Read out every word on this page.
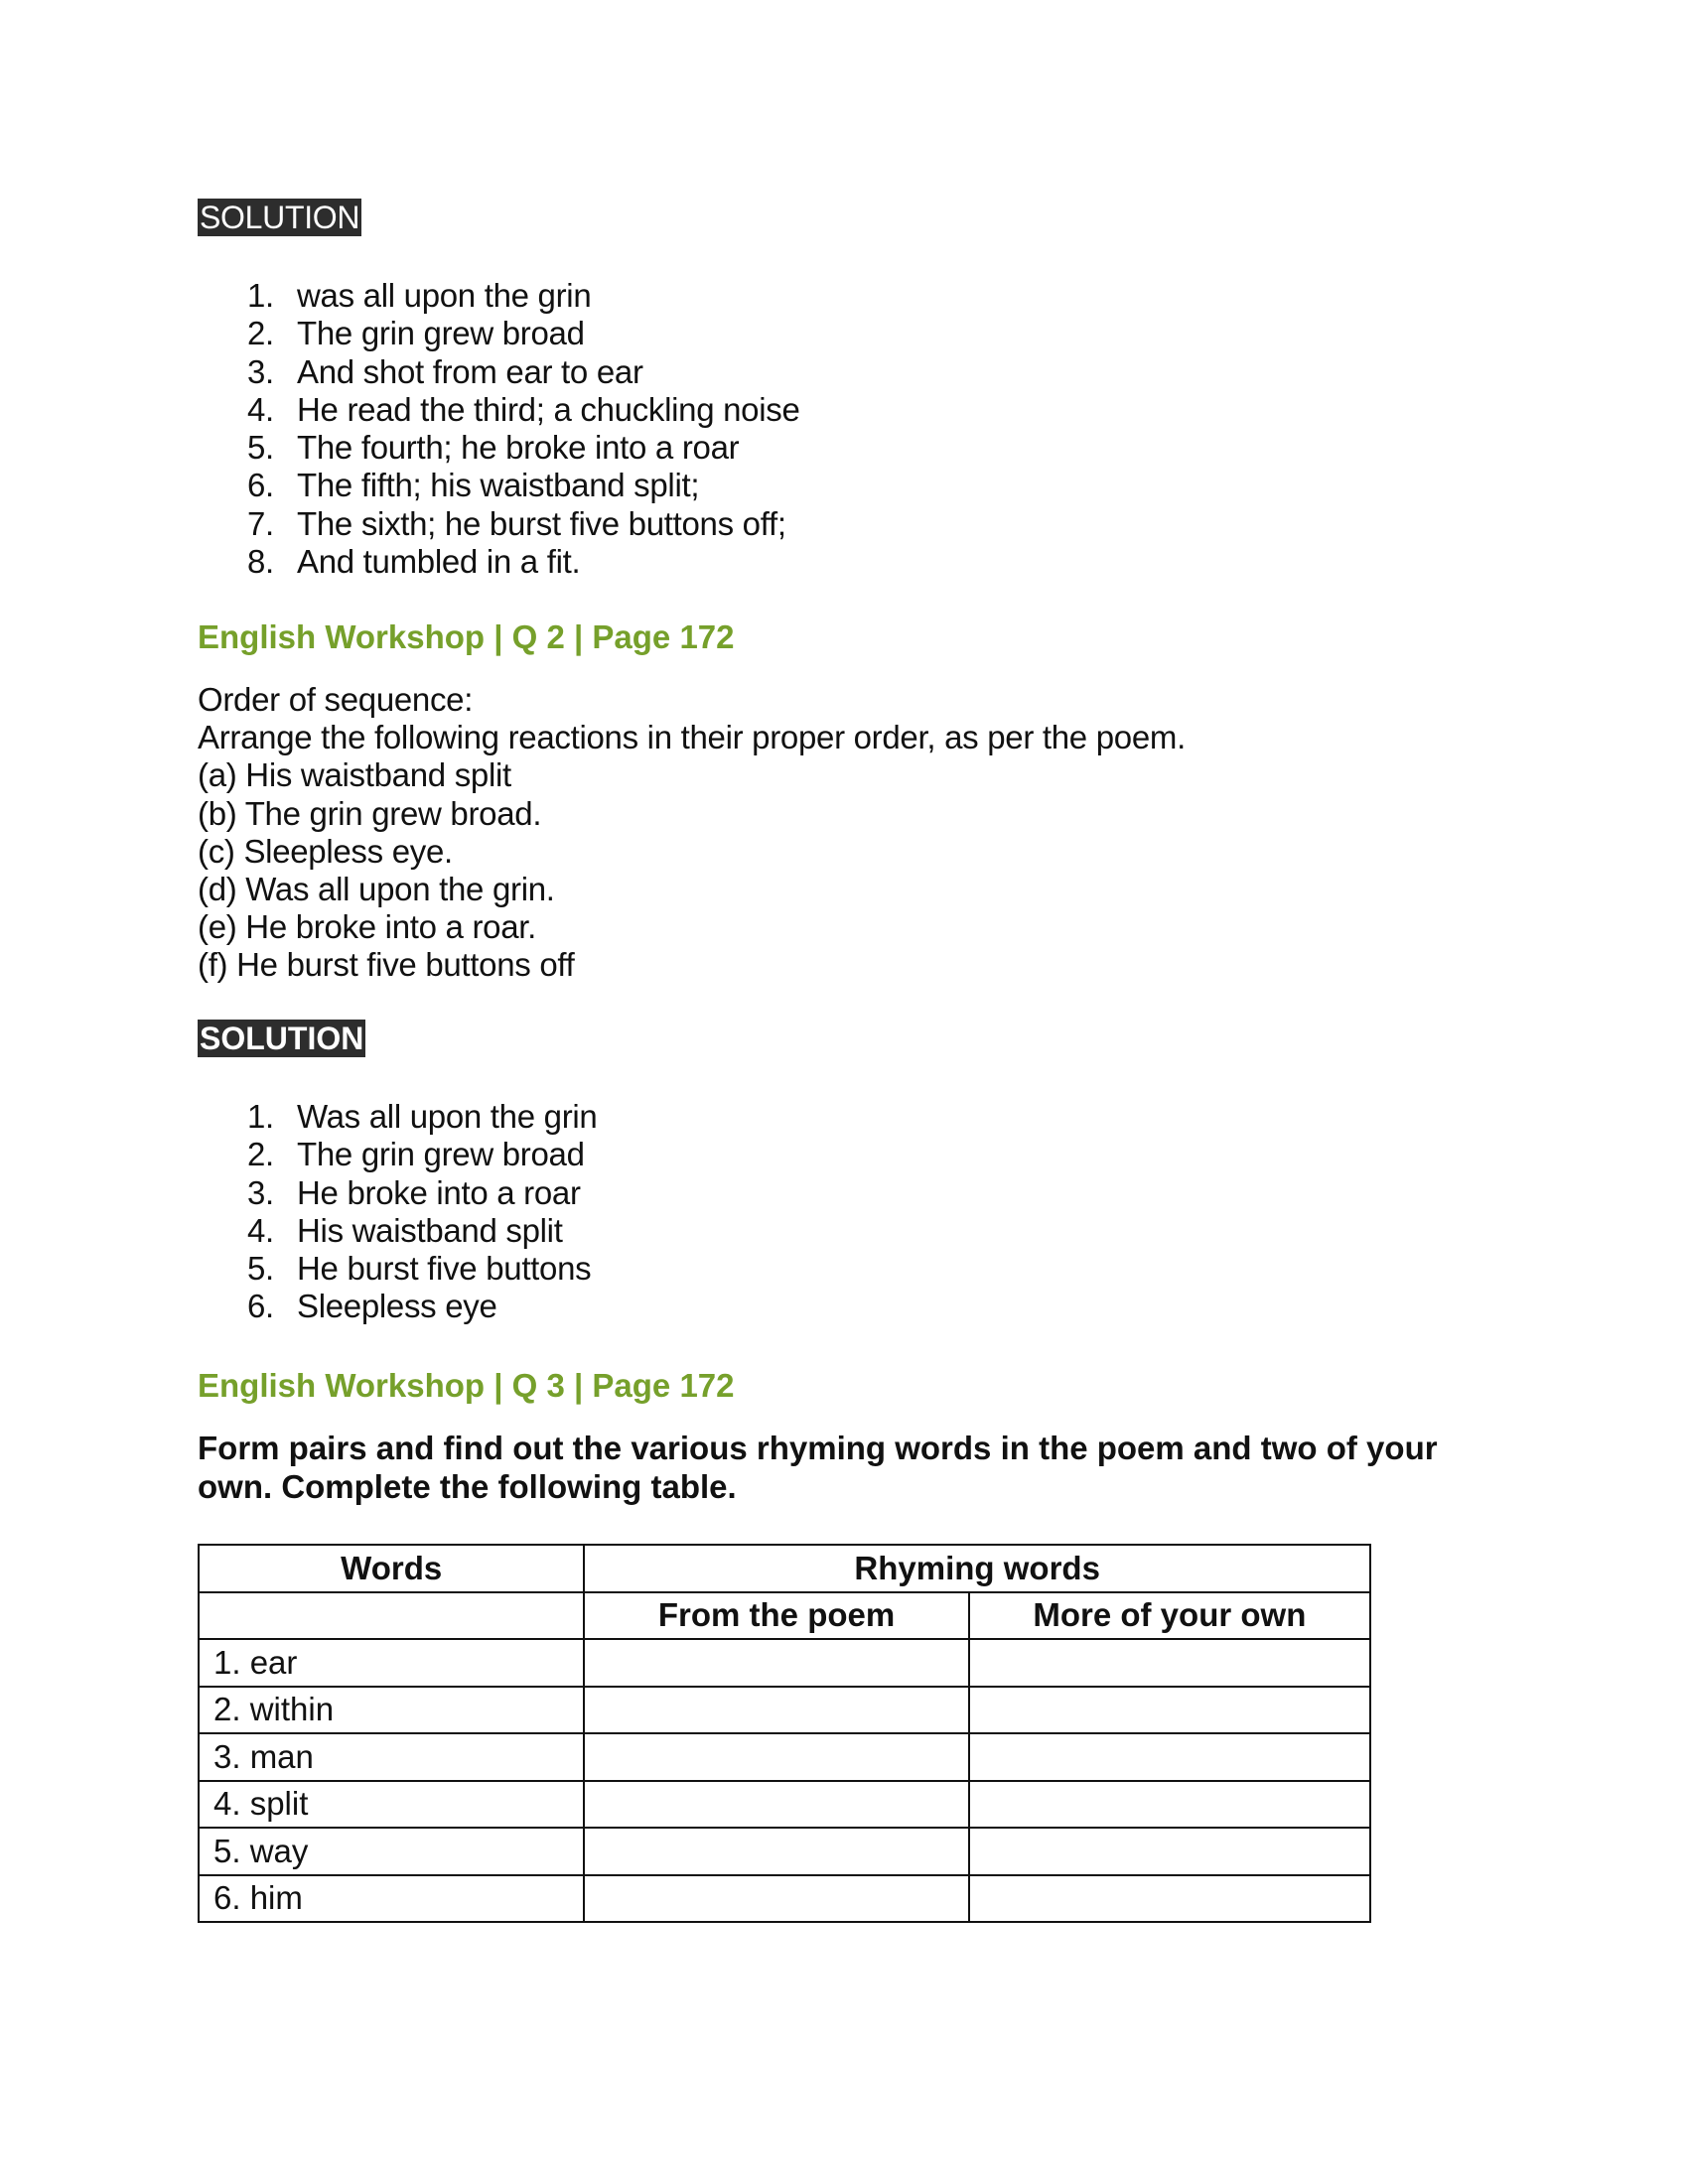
SOLUTION
1. was all upon the grin
2. The grin grew broad
3. And shot from ear to ear
4. He read the third; a chuckling noise
5. The fourth; he broke into a roar
6. The fifth; his waistband split;
7. The sixth; he burst five buttons off;
8. And tumbled in a fit.
English Workshop | Q 2 | Page 172
Order of sequence:
Arrange the following reactions in their proper order, as per the poem.
(a) His waistband split
(b) The grin grew broad.
(c) Sleepless eye.
(d) Was all upon the grin.
(e) He broke into a roar.
(f) He burst five buttons off
SOLUTION
1. Was all upon the grin
2. The grin grew broad
3. He broke into a roar
4. His waistband split
5. He burst five buttons
6. Sleepless eye
English Workshop | Q 3 | Page 172
Form pairs and find out the various rhyming words in the poem and two of your
own. Complete the following table.
Words	Rhyming words	
	From the poem	More of your own
1. ear		
2. within		
3. man		
4. split		
5. way		
6. him		
